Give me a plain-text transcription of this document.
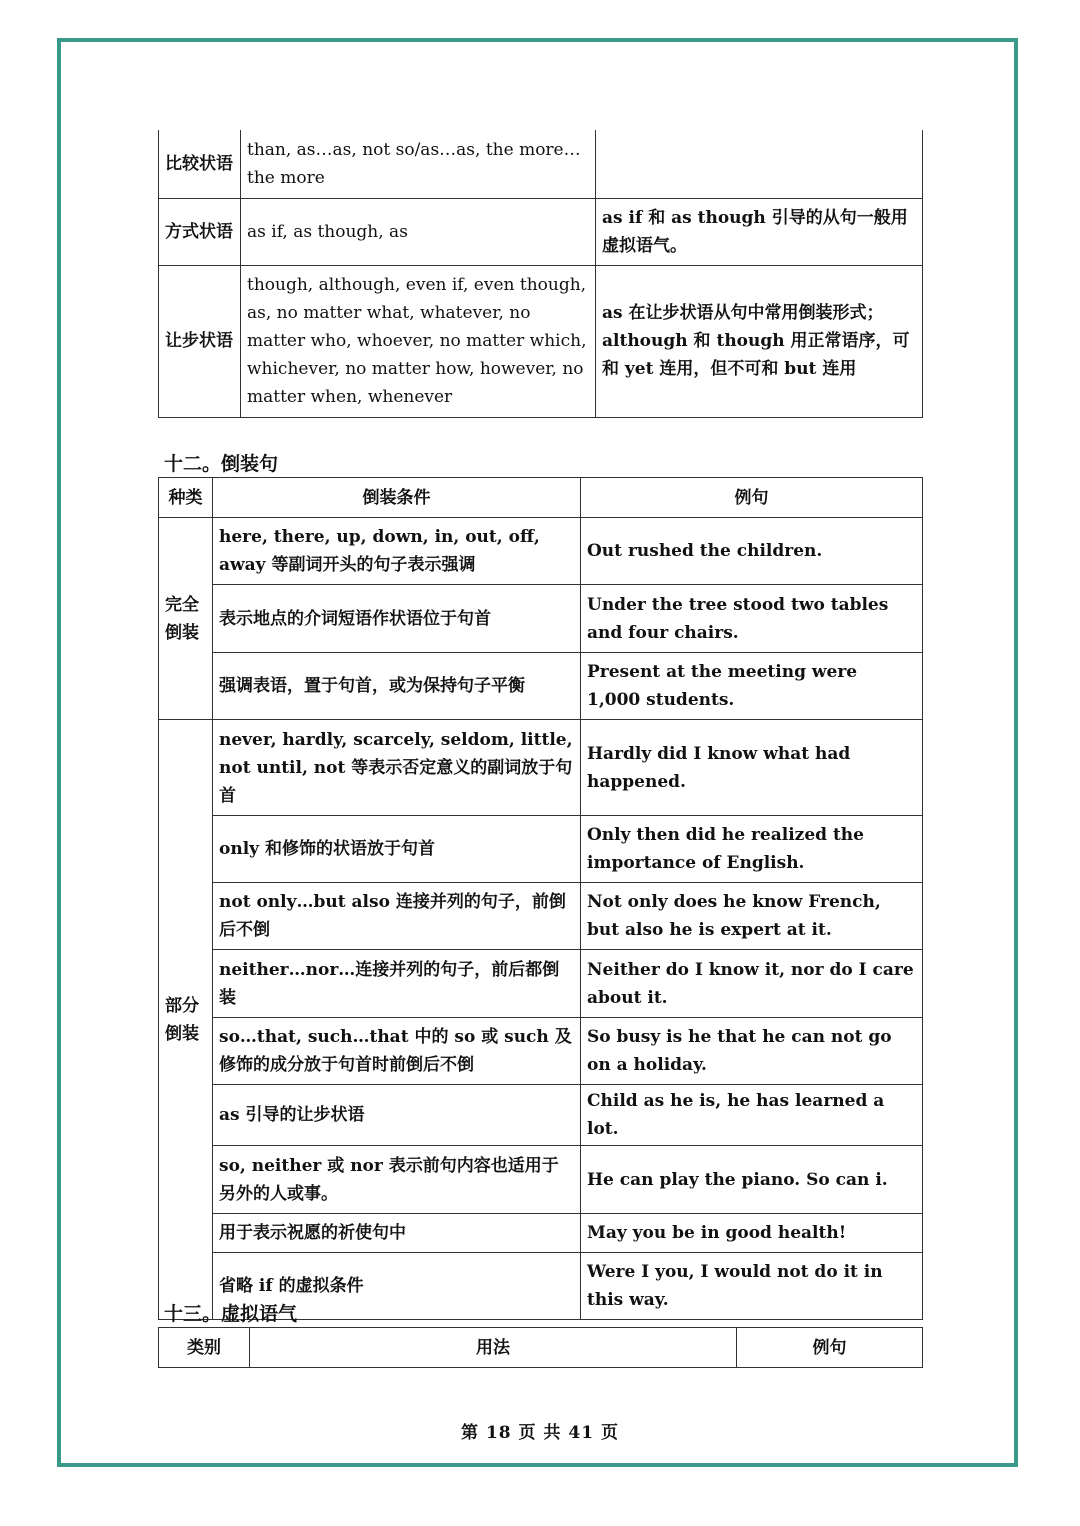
比较状语	than, as…as, not so/as…as, the more…the more	
方式状语	as if, as though, as	as if 和 as though 引导的从句一般用虚拟语气。
让步状语	though, although, even if, even though, as, no matter what, whatever, no matter who, whoever, no matter which, whichever, no matter how, however, no matter when, whenever	as 在让步状语从句中常用倒装形式；although 和 though 用正常语序，可和 yet 连用，但不可和 but 连用
十二。倒装句
种类	倒装条件	例句
完全倒装	here, there, up, down, in, out, off, away 等副词开头的句子表示强调	Out rushed the children.
	表示地点的介词短语作状语位于句首	Under the tree stood two tables and four chairs.
	强调表语，置于句首，或为保持句子平衡	Present at the meeting were 1,000 students.
部分倒装	never, hardly, scarcely, seldom, little, not until, not 等表示否定意义的副词放于句首	Hardly did I know what had happened.
	only 和修饰的状语放于句首	Only then did he realized the importance of English.
	not only…but also 连接并列的句子，前倒后不倒	Not only does he know French, but also he is expert at it.
	neither…nor…连接并列的句子，前后都倒装	Neither do I know it, nor do I care about it.
	so…that, such…that 中的 so 或 such 及修饰的成分放于句首时前倒后不倒	So busy is he that he can not go on a holiday.
	as 引导的让步状语	Child as he is, he has learned a lot.
	so, neither 或 nor 表示前句内容也适用于另外的人或事。	He can play the piano. So can i.
	用于表示祝愿的祈使句中	May you be in good health!
	省略 if 的虚拟条件	Were I you, I would not do it in this way.
十三。虚拟语气
类别	用法	例句
第 18 页 共 41 页
